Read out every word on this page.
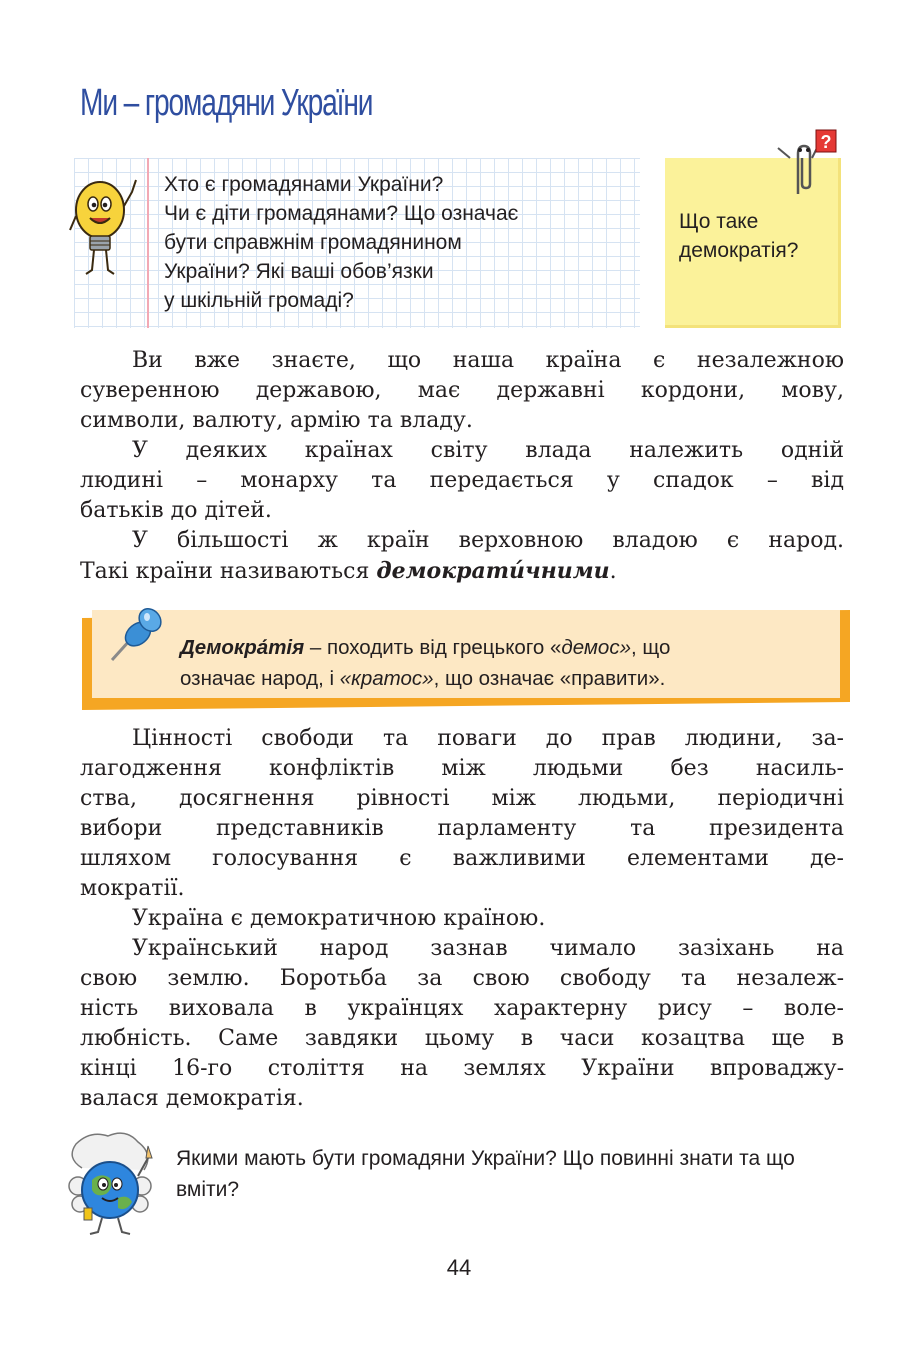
Ми – громадяни України
Хто є громадянами України?
Чи є діти громадянами? Що означає
бути справжнім громадянином
України? Які ваші обов’язки
у шкільній громаді?
?
Що таке
демократія?
Ви вже знаєте, що наша країна є незалежною
суверенною державою, має державні кордони, мову,
символи, валюту, армію та владу.
У деяких країнах світу влада належить одній
людині – монарху та передається у спадок – від
батьків до дітей.
У більшості ж країн верховною владою є народ.
Такі країни називаються демократи́чними.
Демокра́тія – походить від грецького «демос», що
означає народ, і «кратос», що означає «правити».
Цінності свободи та поваги до прав людини, за-
лагодження конфліктів між людьми без насиль-
ства, досягнення рівності між людьми, періодичні
вибори представників парламенту та президента
шляхом голосування є важливими елементами де-
мократії.
Україна є демократичною країною.
Український народ зазнав чимало зазіхань на
свою землю. Боротьба за свою свободу та незалеж-
ність виховала в українцях характерну рису – воле-
любність. Саме завдяки цьому в часи козацтва ще в
кінці 16-го століття на землях України впроваджу-
валася демократія.
Якими мають бути громадяни України? Що повинні знати та що вміти?
44
